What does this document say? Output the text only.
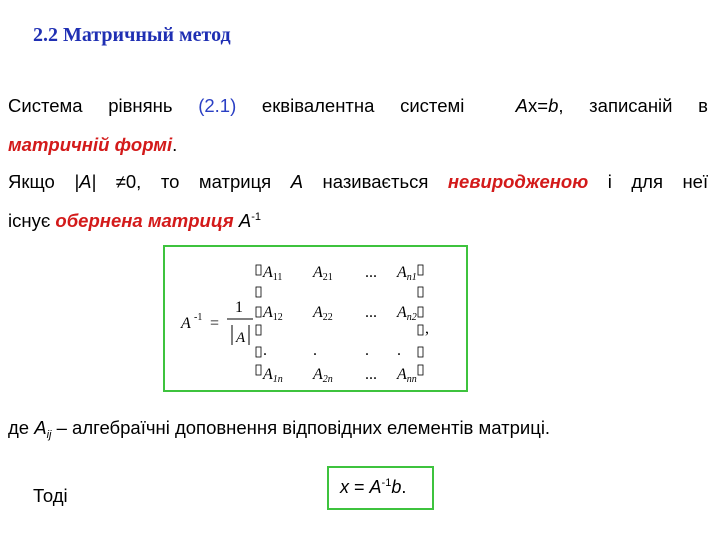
2.2 Матричный метод
Система рівнянь (2.1) еквівалентна системі	Ax=b, записаній в
матричній формі.
Якщо |A| ≠0, то матриця A називається невиродженою і для неї
існує обернена матриця $A^{-1}$
A -1 =
1
A
A11 A21 ... An1
A12 A22 ... An2
.	.	. .
A1n A2n ... Ann
,
де $A_{ij}$ – алгебраїчні доповнення відповідних елементів матриці.
Тоді	$x = A^{-1}b$.
